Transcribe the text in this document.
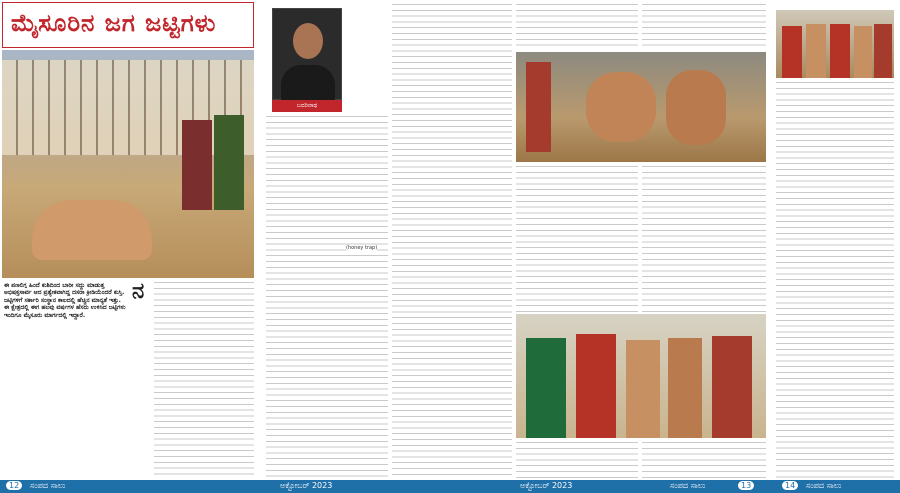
ಮೈಸೂರಿನ ಜಗ ಜಟ್ಟಿಗಳು
ಈ ಪಣಲಿಗ್ಗ ಹಿಂದೆ ಕುಶಿದಿಂದ ಬಾರೀ ಸದ್ದು ಮಾಡುತ್ತ ಅಭಿಷಕ್ತಸಾರ್ವ ಆದ ಪ್ರತ್ಯೇಕವಾಗಿದ್ದ ದಸರಾ ಕ್ರೀಡಿಯೆಂದರೆ ಕುಸ್ತಿ. ಜಟ್ಟಿಗಳಿಗೆ ಸರ್ಕಾರಿ ಸಂಸ್ಥಾನ ಕಾಲದಲ್ಲಿ ಹೆಚ್ಚಿನ ಮಾನ್ಯತೆ ಇತ್ತು. ಈ ಕ್ಷೇತ್ರದಲ್ಲಿ ಈಗ ಹಲವು ವರ್ಷಗಳ ಹೆಸರು ಉಳಿಸಿದ ಜಟ್ಟಿಗಳು ಇಂದಿಗೂ ಮೈಸೂರು ಮಾರ್ಗದಲ್ಲಿ ಇದ್ದಾರೆ.
ನ
ಬದರಿನಾಥ
(honey trap)
12	ಸಂಪದ ಸಾಲು	ಅಕ್ಟೋಬರ್ 2023	ಅಕ್ಟೋಬರ್ 2023	ಸಂಪದ ಸಾಲು	13	14	ಸಂಪದ ಸಾಲು
